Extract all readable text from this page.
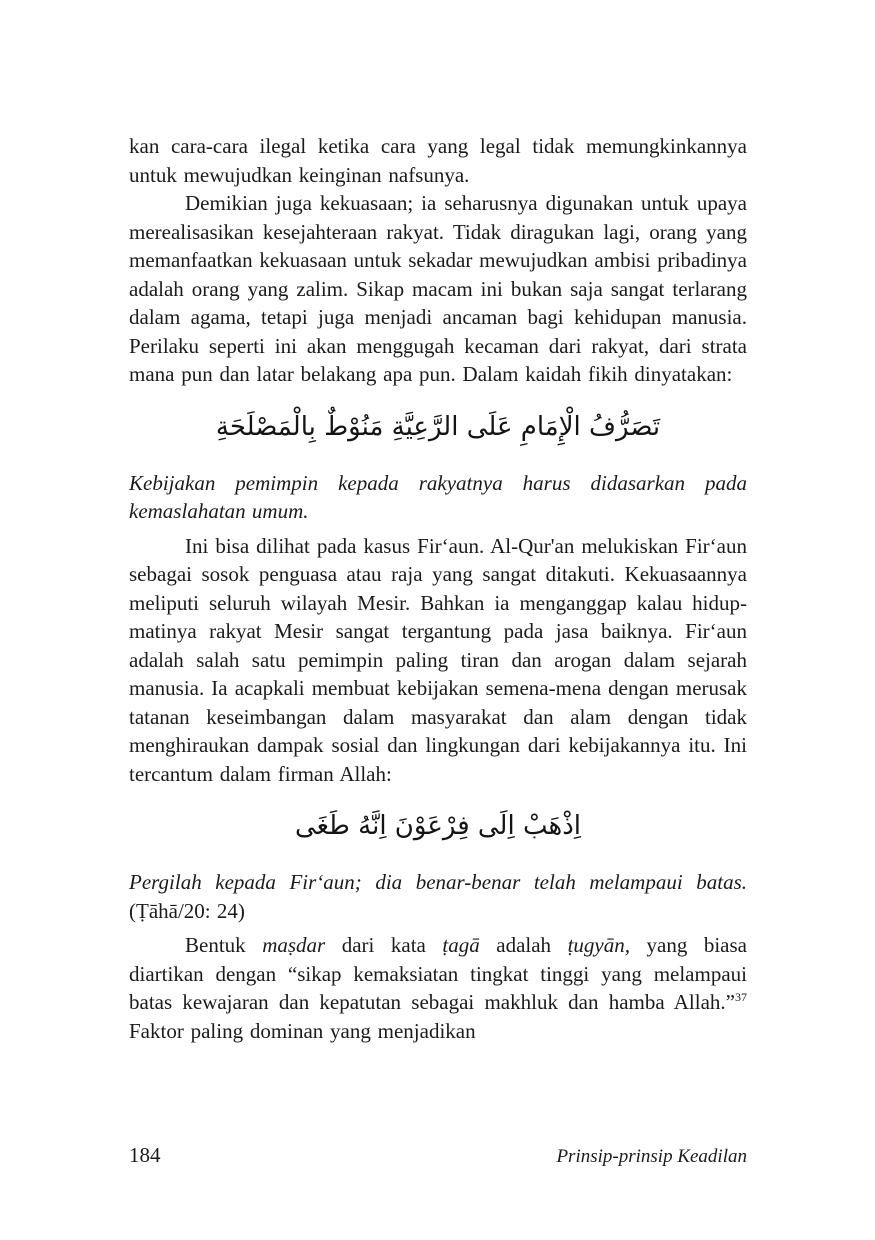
kan cara-cara ilegal ketika cara yang legal tidak memungkinkannya untuk mewujudkan keinginan nafsunya.

Demikian juga kekuasaan; ia seharusnya digunakan untuk upaya merealisasikan kesejahteraan rakyat. Tidak diragukan lagi, orang yang memanfaatkan kekuasaan untuk sekadar mewujudkan ambisi pribadinya adalah orang yang zalim. Sikap macam ini bukan saja sangat terlarang dalam agama, tetapi juga menjadi ancaman bagi kehidupan manusia. Perilaku seperti ini akan menggugah kecaman dari rakyat, dari strata mana pun dan latar belakang apa pun. Dalam kaidah fikih dinyatakan:

تَصَرُّفُ الْإِمَامِ عَلَى الرَّعِيَّةِ مَنُوْطٌ بِالْمَصْلَحَةِ

Kebijakan pemimpin kepada rakyatnya harus didasarkan pada kemaslahatan umum.

Ini bisa dilihat pada kasus Fir‘aun. Al-Qur'an melukiskan Fir‘aun sebagai sosok penguasa atau raja yang sangat ditakuti. Kekuasaannya meliputi seluruh wilayah Mesir. Bahkan ia menganggap kalau hidup-matinya rakyat Mesir sangat tergantung pada jasa baiknya. Fir‘aun adalah salah satu pemimpin paling tiran dan arogan dalam sejarah manusia. Ia acapkali membuat kebijakan semena-mena dengan merusak tatanan keseimbangan dalam masyarakat dan alam dengan tidak menghiraukan dampak sosial dan lingkungan dari kebijakannya itu. Ini tercantum dalam firman Allah:

اِذْهَبْ اِلَى فِرْعَوْنَ اِنَّهُ طَغَى

Pergilah kepada Fir‘aun; dia benar-benar telah melampaui batas. (Ṭāhā/20: 24)

Bentuk maṣdar dari kata ṭagā adalah ṭugyān, yang biasa diartikan dengan “sikap kemaksiatan tingkat tinggi yang melampaui batas kewajaran dan kepatutan sebagai makhluk dan hamba Allah.”$^{37}$ Faktor paling dominan yang menjadikan

184	Prinsip-prinsip Keadilan
